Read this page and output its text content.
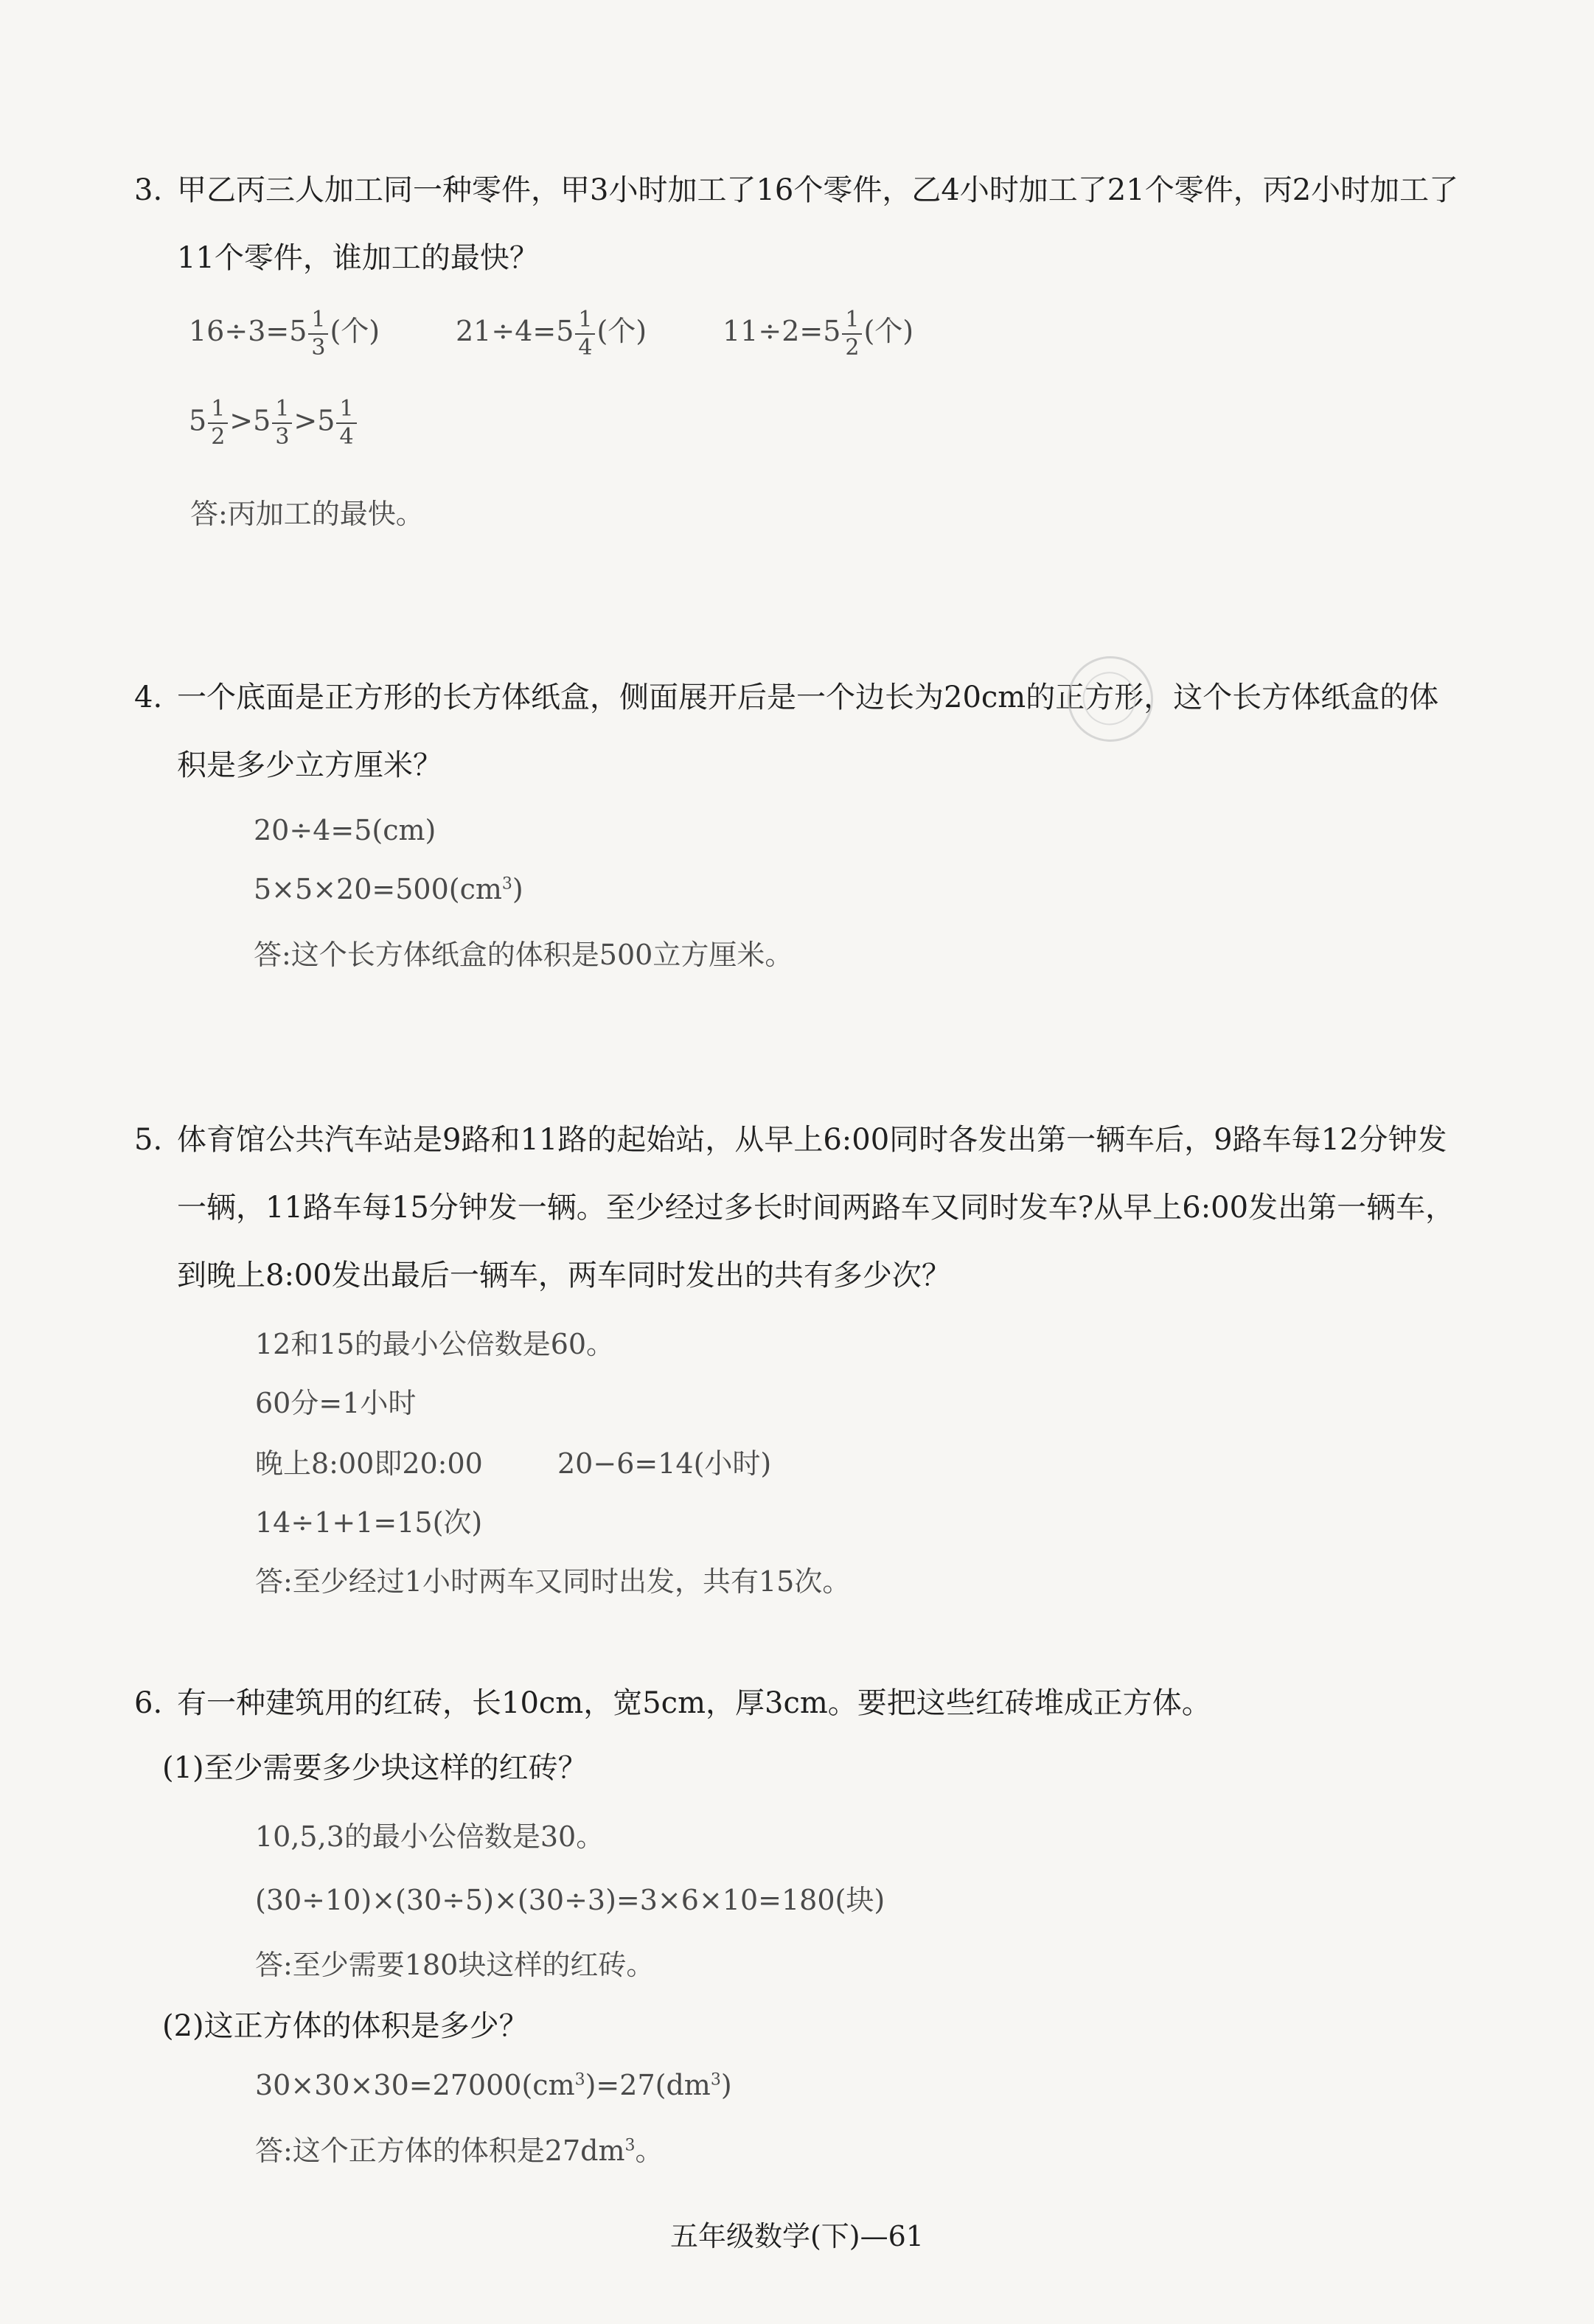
3. 甲乙丙三人加工同一种零件，甲3小时加工了16个零件，乙4小时加工了21个零件，丙2小时加工了
11个零件，谁加工的最快？
$16\div 3=5 \frac{1}{3}$ (个)	$21\div 4=5 \frac{1}{4}$ (个)	$11\div 2=5 \frac{1}{2}$ (个)
$5 \frac{1}{2} >5 \frac{1}{3} >5 \frac{1}{4}$
答:丙加工的最快。
4. 一个底面是正方形的长方体纸盒，侧面展开后是一个边长为20cm的正方形，这个长方体纸盒的体
积是多少立方厘米？
20÷4=5(cm)
$5\times 5\times 20=500(cm^3)$
答:这个长方体纸盒的体积是500立方厘米。
5. 体育馆公共汽车站是9路和11路的起始站，从早上6:00同时各发出第一辆车后，9路车每12分钟发
一辆，11路车每15分钟发一辆。至少经过多长时间两路车又同时发车?从早上6:00发出第一辆车，
到晚上8:00发出最后一辆车，两车同时发出的共有多少次？
12和15的最小公倍数是60。
60分=1小时
晚上8:00即20:00	20−6=14(小时)
14÷1+1=15(次)
答:至少经过1小时两车又同时出发，共有15次。
6. 有一种建筑用的红砖，长10cm，宽5cm，厚3cm。要把这些红砖堆成正方体。
(1)至少需要多少块这样的红砖？
10,5,3的最小公倍数是30。
(30÷10)×(30÷5)×(30÷3)=3×6×10=180(块)
答:至少需要180块这样的红砖。
(2)这正方体的体积是多少？
$30\times 30\times 30=27000(cm^3)=27(dm^3)$
答:这个正方体的体积是$27dm^3$。
五年级数学(下)—61
